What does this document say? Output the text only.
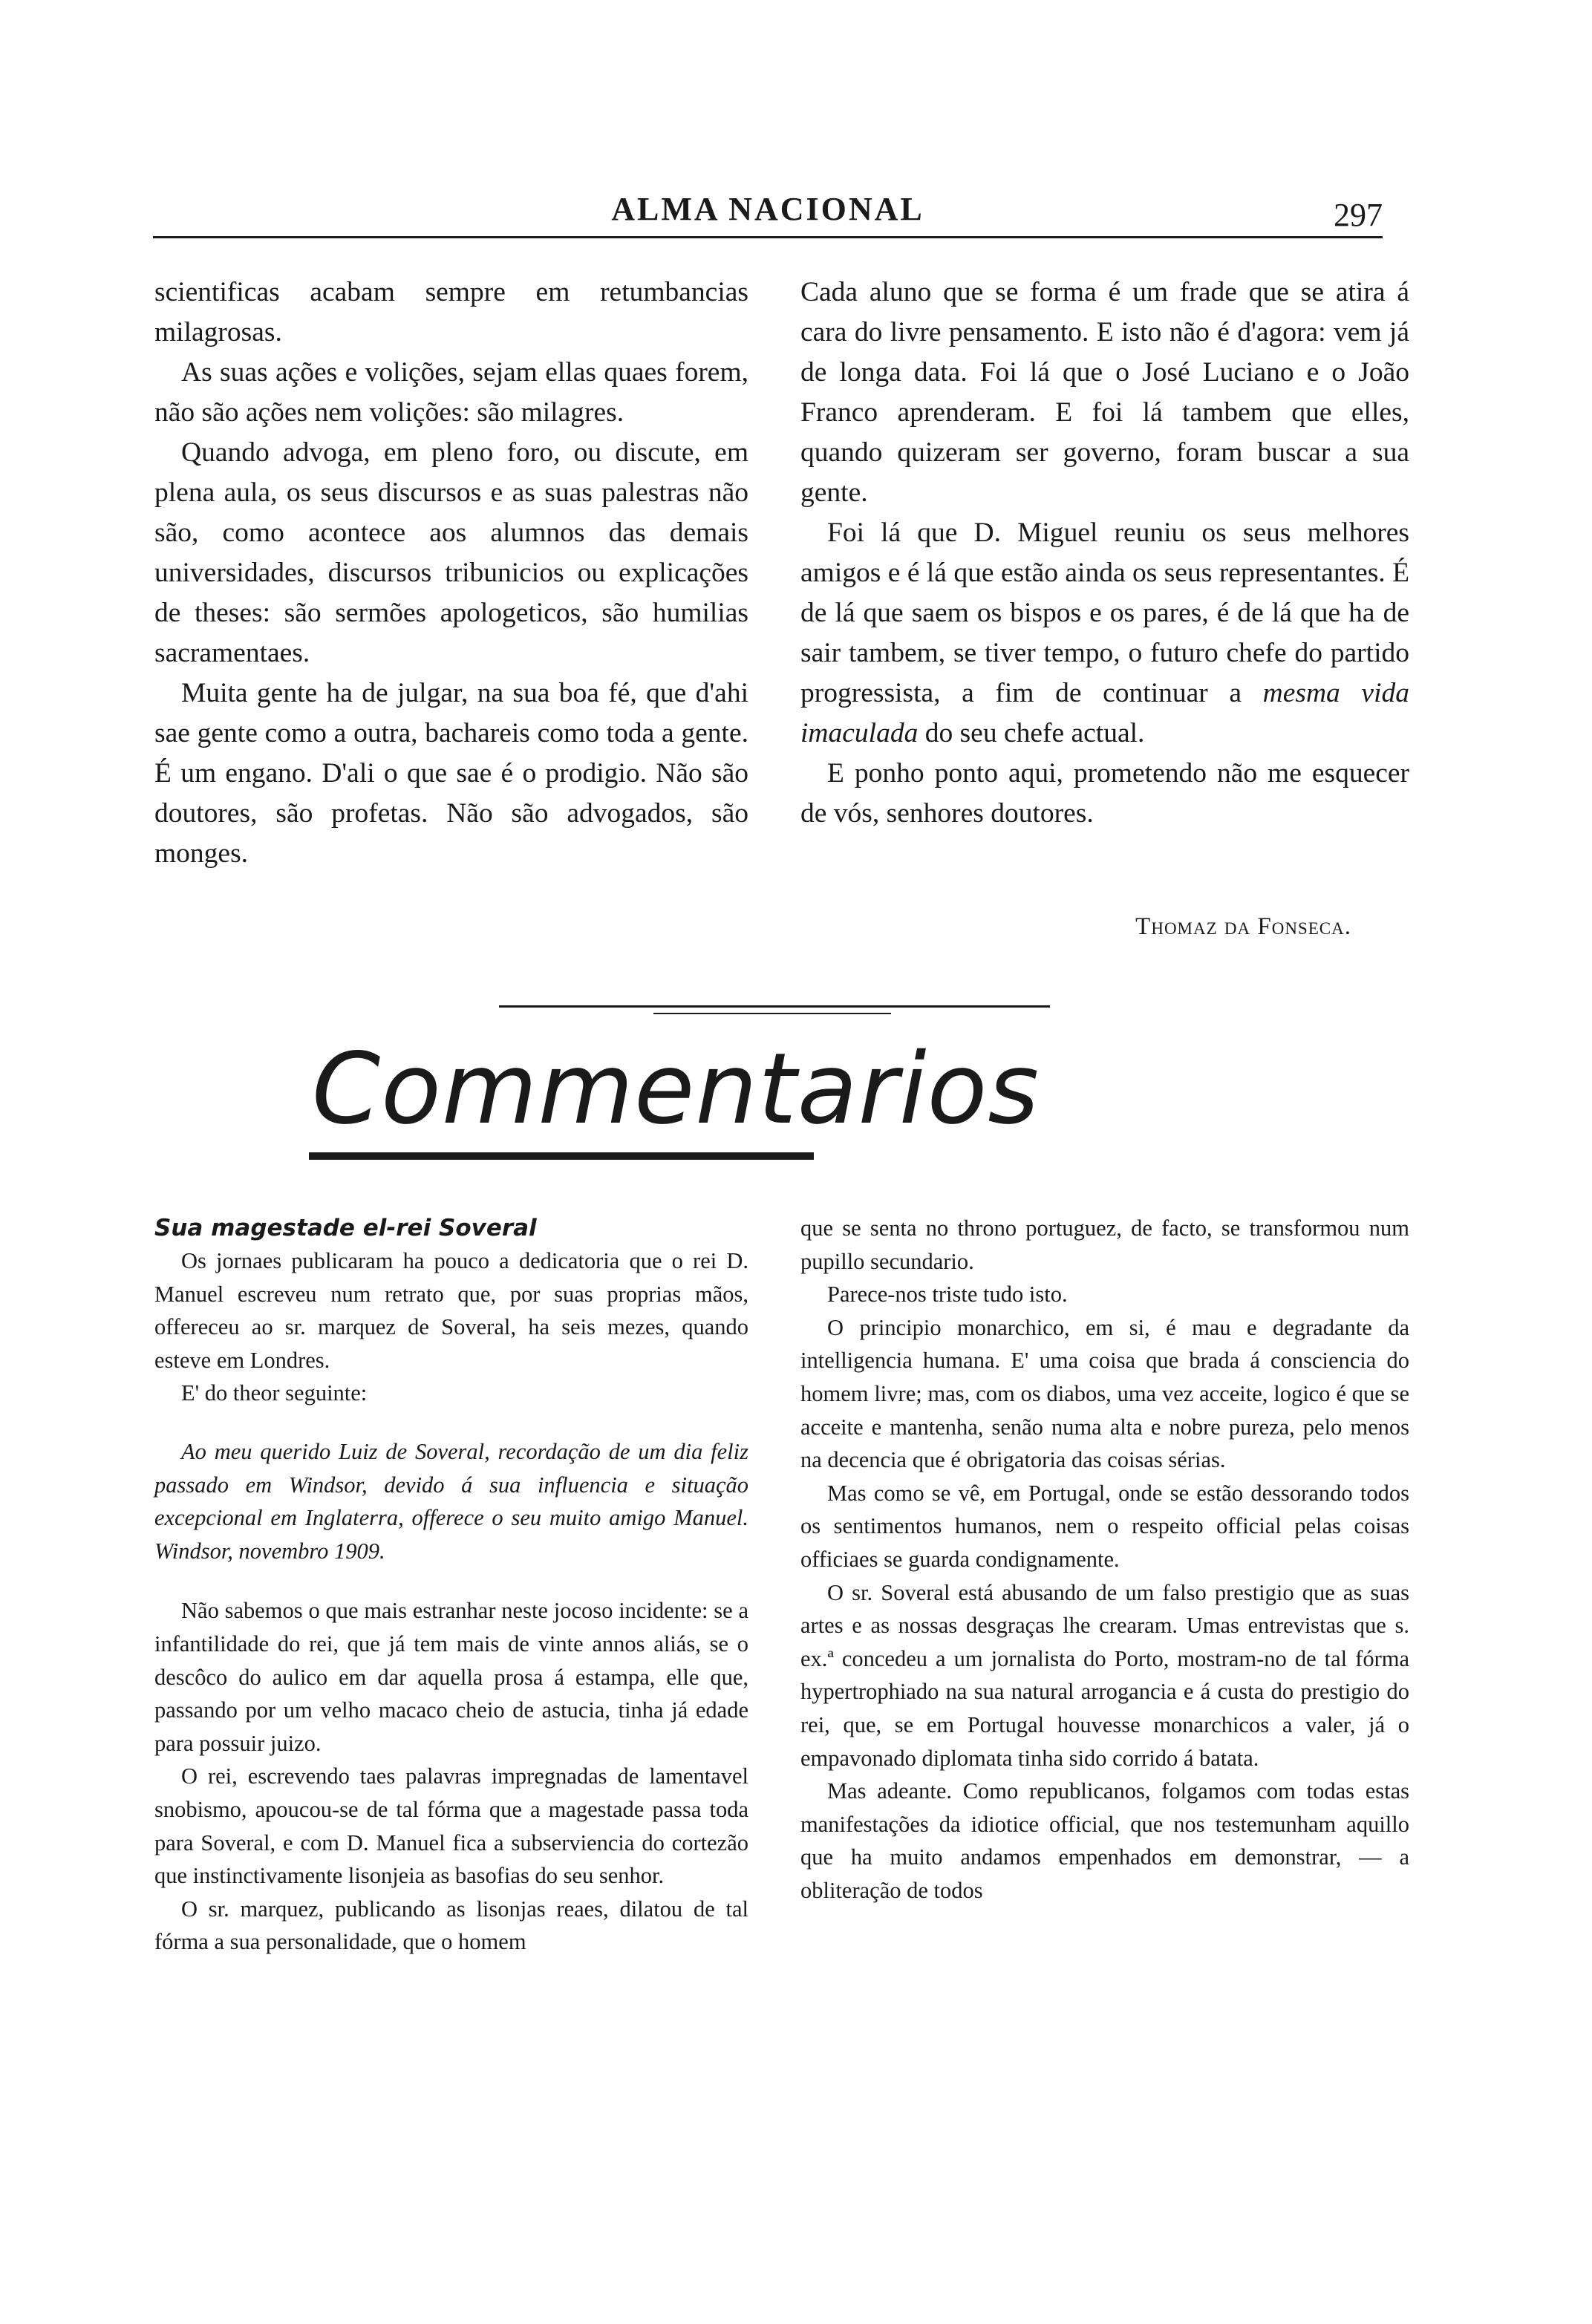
ALMA NACIONAL	297

scientificas acabam sempre em retumbancias milagrosas.

As suas ações e volições, sejam ellas quaes forem, não são ações nem volições: são milagres.

Quando advoga, em pleno foro, ou discute, em plena aula, os seus discursos e as suas palestras não são, como acontece aos alumnos das demais universidades, discursos tribunicios ou explicações de theses: são sermões apologeticos, são humilias sacramentaes.

Muita gente ha de julgar, na sua boa fé, que d'ahi sae gente como a outra, bachareis como toda a gente. É um engano. D'ali o que sae é o prodigio. Não são doutores, são profetas. Não são advogados, são monges.

Cada aluno que se forma é um frade que se atira á cara do livre pensamento. E isto não é d'agora: vem já de longa data. Foi lá que o José Luciano e o João Franco aprenderam. E foi lá tambem que elles, quando quizeram ser governo, foram buscar a sua gente.

Foi lá que D. Miguel reuniu os seus melhores amigos e é lá que estão ainda os seus representantes. É de lá que saem os bispos e os pares, é de lá que ha de sair tambem, se tiver tempo, o futuro chefe do partido progressista, a fim de continuar a mesma vida imaculada do seu chefe actual.

E ponho ponto aqui, prometendo não me esquecer de vós, senhores doutores.

Thomaz da Fonseca.
Commentarios

Sua magestade el-rei Soveral

Os jornaes publicaram ha pouco a dedicatoria que o rei D. Manuel escreveu num retrato que, por suas proprias mãos, offereceu ao sr. marquez de Soveral, ha seis mezes, quando esteve em Londres.

E' do theor seguinte:

Ao meu querido Luiz de Soveral, recordação de um dia feliz passado em Windsor, devido á sua influencia e situação excepcional em Inglaterra, offerece o seu muito amigo Manuel. Windsor, novembro 1909.

Não sabemos o que mais estranhar neste jocoso incidente: se a infantilidade do rei, que já tem mais de vinte annos aliás, se o descôco do aulico em dar aquella prosa á estampa, elle que, passando por um velho macaco cheio de astucia, tinha já edade para possuir juizo.

O rei, escrevendo taes palavras impregnadas de lamentavel snobismo, apoucou-se de tal fórma que a magestade passa toda para Soveral, e com D. Manuel fica a subserviencia do cortezão que instinctivamente lisonjeia as basofias do seu senhor.

O sr. marquez, publicando as lisonjas reaes, dilatou de tal fórma a sua personalidade, que o homem

que se senta no throno portuguez, de facto, se transformou num pupillo secundario.

Parece-nos triste tudo isto.

O principio monarchico, em si, é mau e degradante da intelligencia humana. E' uma coisa que brada á consciencia do homem livre; mas, com os diabos, uma vez acceite, logico é que se acceite e mantenha, senão numa alta e nobre pureza, pelo menos na decencia que é obrigatoria das coisas sérias.

Mas como se vê, em Portugal, onde se estão dessorando todos os sentimentos humanos, nem o respeito official pelas coisas officiaes se guarda condignamente.

O sr. Soveral está abusando de um falso prestigio que as suas artes e as nossas desgraças lhe crearam. Umas entrevistas que s. ex.ª concedeu a um jornalista do Porto, mostram-no de tal fórma hypertrophiado na sua natural arrogancia e á custa do prestigio do rei, que, se em Portugal houvesse monarchicos a valer, já o empavonado diplomata tinha sido corrido á batata.

Mas adeante. Como republicanos, folgamos com todas estas manifestações da idiotice official, que nos testemunham aquillo que ha muito andamos empenhados em demonstrar, — a obliteração de todos
